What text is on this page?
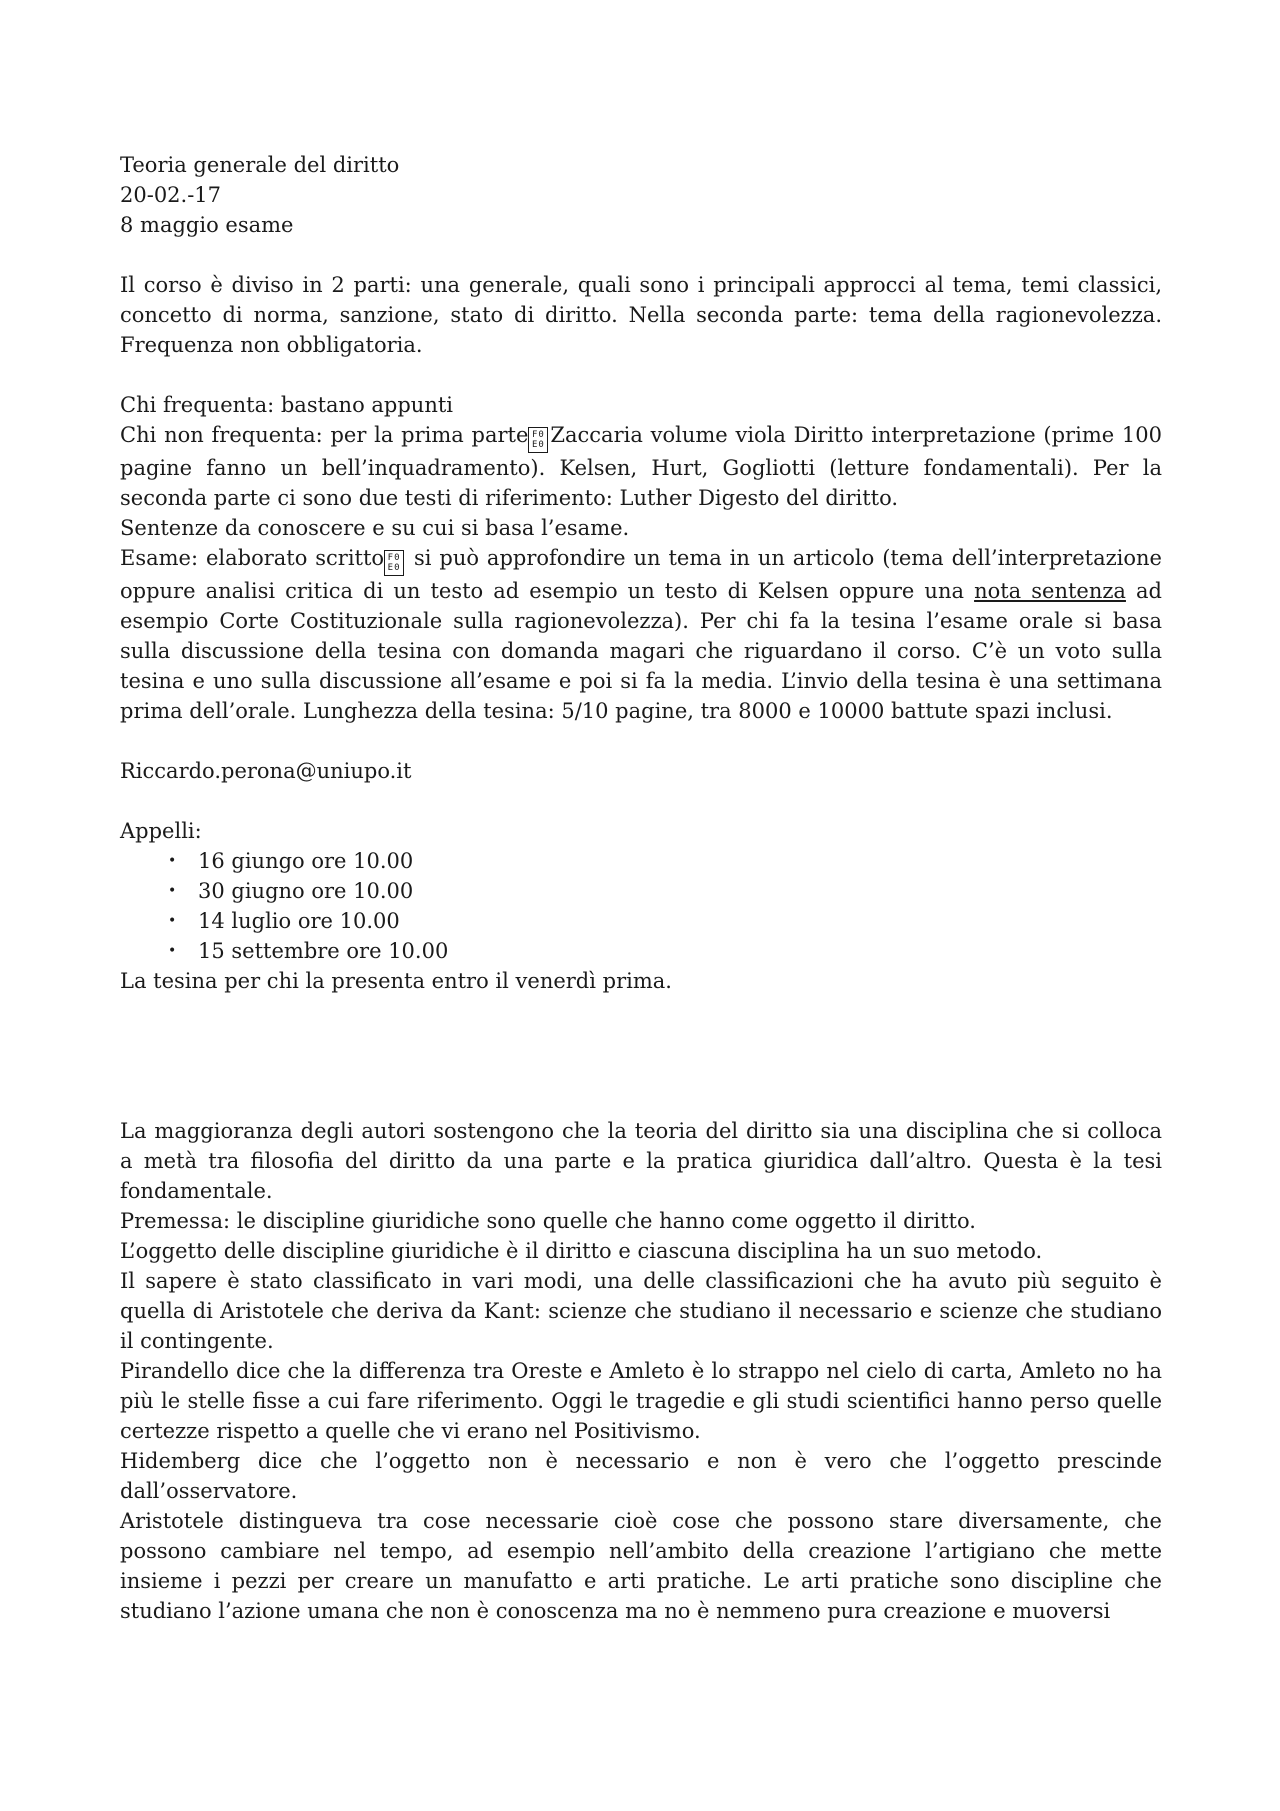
Teoria generale del diritto

20-02.-17

8 maggio esame

Il corso è diviso in 2 parti: una generale, quali sono i principali approcci al tema, temi classici, concetto di norma, sanzione, stato di diritto. Nella seconda parte: tema della ragionevolezza. Frequenza non obbligatoria.

Chi frequenta: bastano appunti

Chi non frequenta: per la prima parte F0
E0 Zaccaria volume viola Diritto interpretazione (prime 100 pagine fanno un bell’inquadramento). Kelsen, Hurt, Gogliotti (letture fondamentali). Per la seconda parte ci sono due testi di riferimento: Luther Digesto del diritto.

Sentenze da conoscere e su cui si basa l’esame.

Esame: elaborato scritto F0
E0 si può approfondire un tema in un articolo (tema dell’interpretazione oppure analisi critica di un testo ad esempio un testo di Kelsen oppure una nota sentenza ad esempio Corte Costituzionale sulla ragionevolezza). Per chi fa la tesina l’esame orale si basa sulla discussione della tesina con domanda magari che riguardano il corso. C’è un voto sulla tesina e uno sulla discussione all’esame e poi si fa la media. L’invio della tesina è una settimana prima dell’orale. Lunghezza della tesina: 5/10 pagine, tra 8000 e 10000 battute spazi inclusi.

Riccardo.perona@uniupo.it

Appelli:

• 16 giungo ore 10.00
• 30 giugno ore 10.00
• 14 luglio ore 10.00
• 15 settembre ore 10.00

La tesina per chi la presenta entro il venerdì prima.

La maggioranza degli autori sostengono che la teoria del diritto sia una disciplina che si colloca a metà tra filosofia del diritto da una parte e la pratica giuridica dall’altro. Questa è la tesi fondamentale.

Premessa: le discipline giuridiche sono quelle che hanno come oggetto il diritto.

L’oggetto delle discipline giuridiche è il diritto e ciascuna disciplina ha un suo metodo.

Il sapere è stato classificato in vari modi, una delle classificazioni che ha avuto più seguito è quella di Aristotele che deriva da Kant: scienze che studiano il necessario e scienze che studiano il contingente.

Pirandello dice che la differenza tra Oreste e Amleto è lo strappo nel cielo di carta, Amleto no ha più le stelle fisse a cui fare riferimento. Oggi le tragedie e gli studi scientifici hanno perso quelle certezze rispetto a quelle che vi erano nel Positivismo.

Hidemberg dice che l’oggetto non è necessario e non è vero che l’oggetto prescinde dall’osservatore.

Aristotele distingueva tra cose necessarie cioè cose che possono stare diversamente, che possono cambiare nel tempo, ad esempio nell’ambito della creazione l’artigiano che mette insieme i pezzi per creare un manufatto e arti pratiche. Le arti pratiche sono discipline che studiano l’azione umana che non è conoscenza ma no è nemmeno pura creazione e muoversi
